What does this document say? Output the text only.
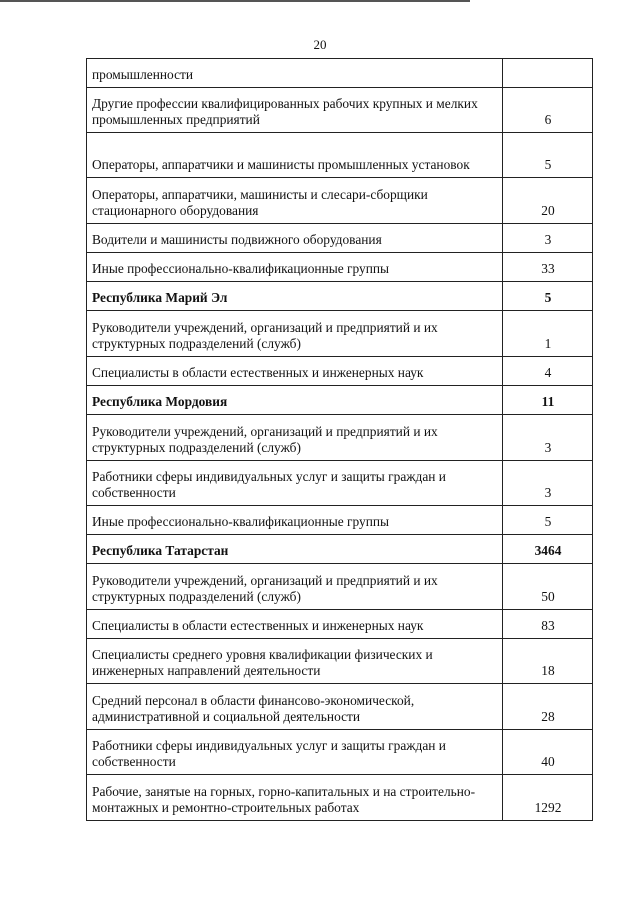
20
промышленности	
Другие профессии квалифицированных рабочих крупных и мелких промышленных предприятий	6
Операторы, аппаратчики и машинисты промышленных установок	5
Операторы, аппаратчики, машинисты и слесари-сборщики стационарного оборудования	20
Водители и машинисты подвижного оборудования	3
Иные профессионально-квалификационные группы	33
Республика Марий Эл	5
Руководители учреждений, организаций и предприятий и их структурных подразделений (служб)	1
Специалисты в области естественных и инженерных наук	4
Республика Мордовия	11
Руководители учреждений, организаций и предприятий и их структурных подразделений (служб)	3
Работники сферы индивидуальных услуг и защиты граждан и собственности	3
Иные профессионально-квалификационные группы	5
Республика Татарстан	3464
Руководители учреждений, организаций и предприятий и их структурных подразделений (служб)	50
Специалисты в области естественных и инженерных наук	83
Специалисты среднего уровня квалификации физических и инженерных направлений деятельности	18
Средний персонал в области финансово-экономической, административной и социальной деятельности	28
Работники сферы индивидуальных услуг и защиты граждан и собственности	40
Рабочие, занятые на горных, горно-капитальных и на строительно-монтажных и ремонтно-строительных работах	1292
